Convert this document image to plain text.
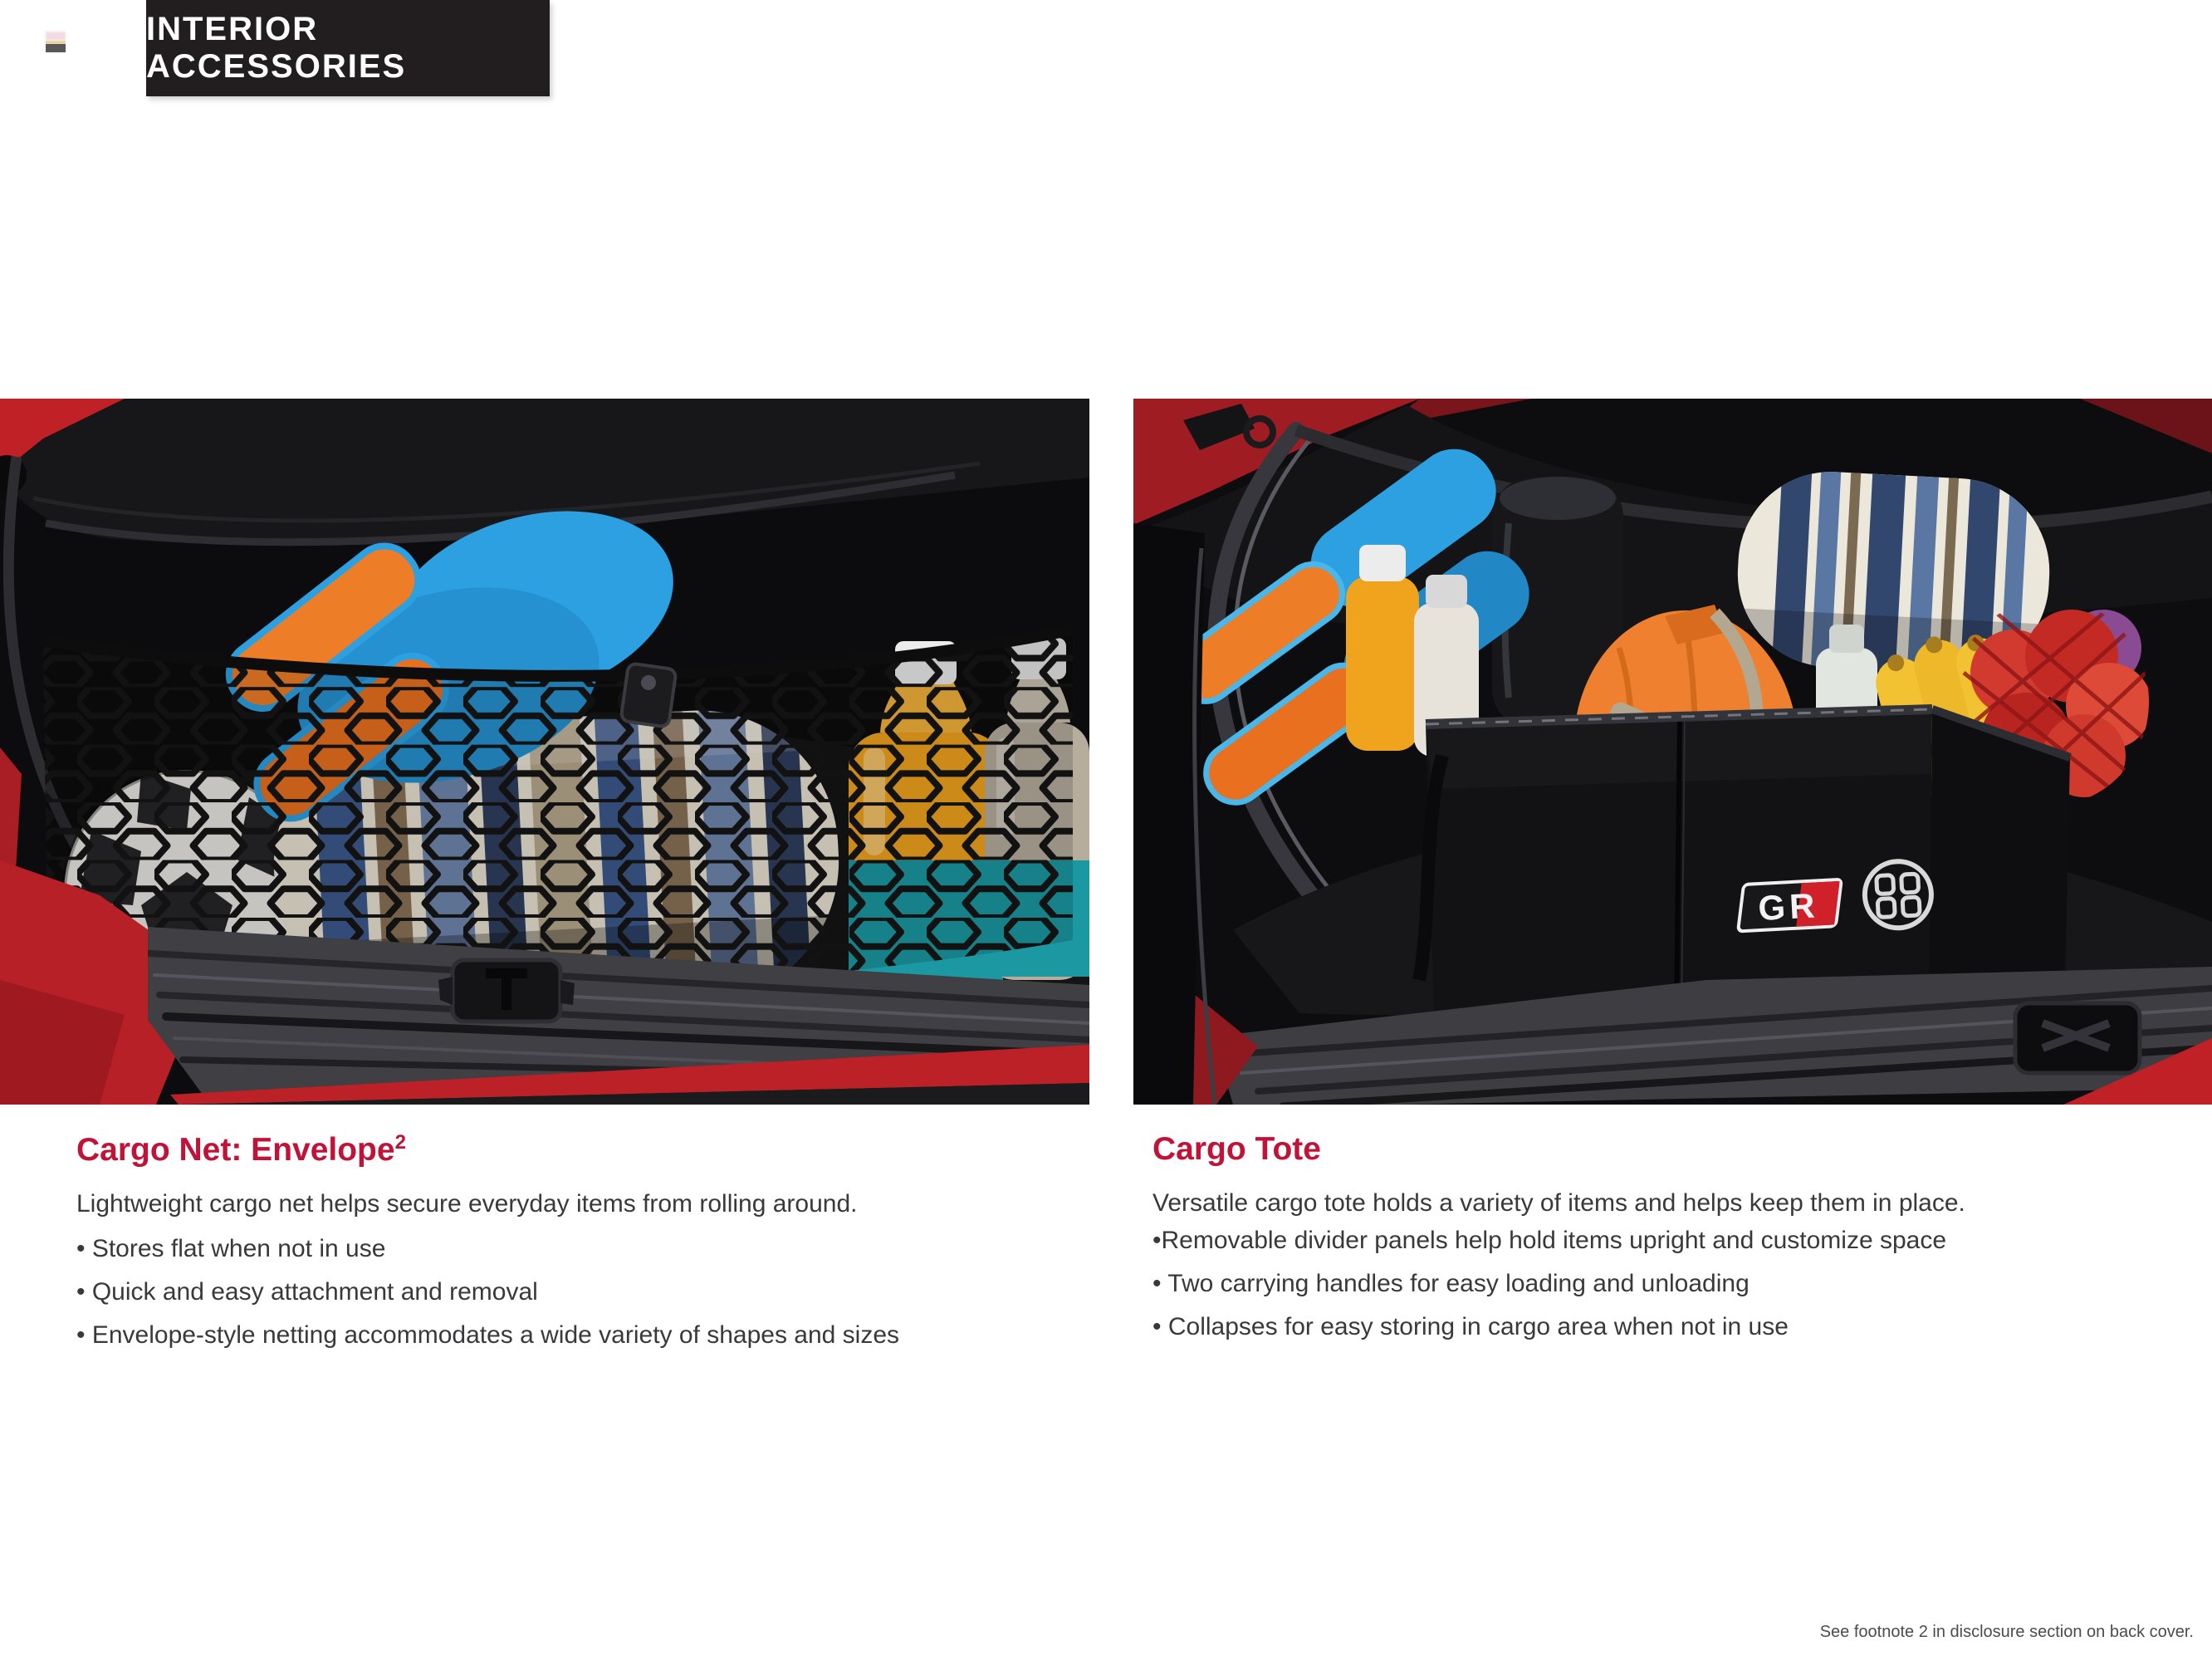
INTERIOR ACCESSORIES
GR
Cargo Net: Envelope$^2$

Lightweight cargo net helps secure everyday items from rolling around.

• Stores flat when not in use

• Quick and easy attachment and removal

• Envelope-style netting accommodates a wide variety of shapes and sizes

Cargo Tote

Versatile cargo tote holds a variety of items and helps keep them in place.

•Removable divider panels help hold items upright and customize space

• Two carrying handles for easy loading and unloading

• Collapses for easy storing in cargo area when not in use

See footnote 2 in disclosure section on back cover.
